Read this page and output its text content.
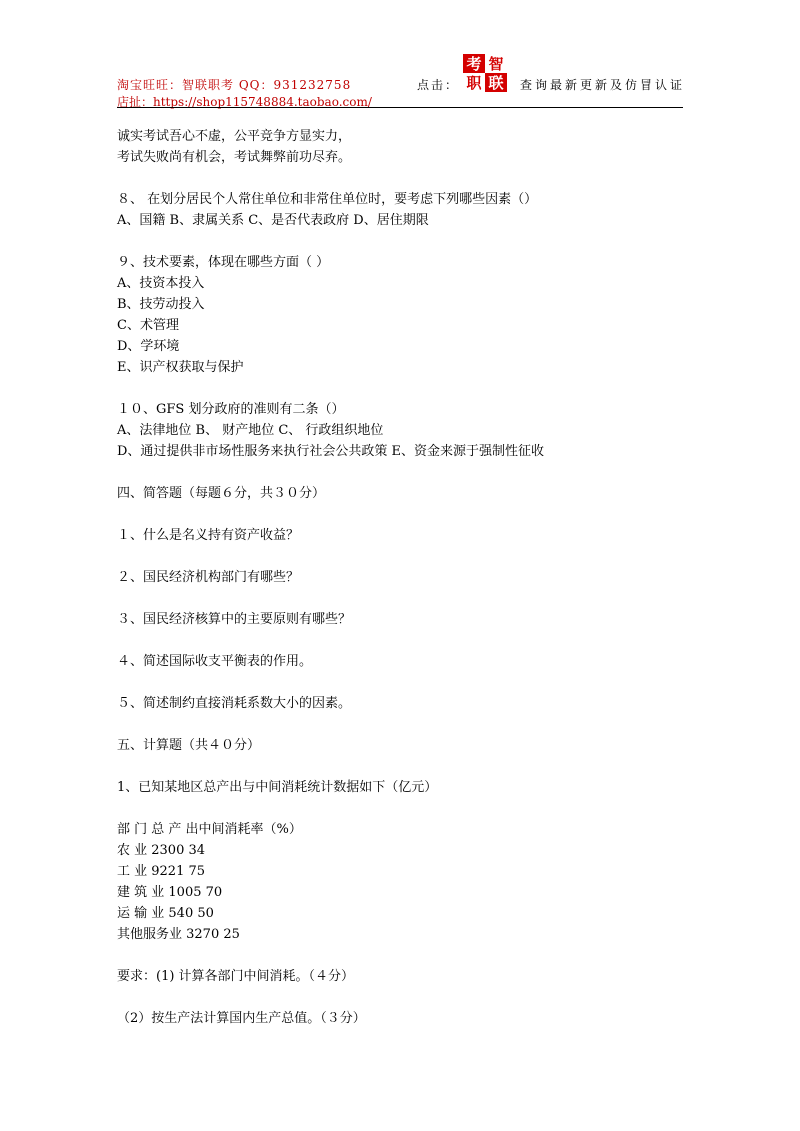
淘宝旺旺：智联职考 QQ：931232758
店扯：https://shop115748884.taobao.com/
点击：
考 智
职 联 查询最新更新及仿冒认证
诚实考试吾心不虚，公平竞争方显实力，
考试失败尚有机会，考试舞弊前功尽弃。
８、 在划分居民个人常住单位和非常住单位时，要考虑下列哪些因素（）
A、国籍 B、隶属关系 C、是否代表政府 D、居住期限
９、技术要素，体现在哪些方面（ ）
A、技资本投入
B、技劳动投入
C、术管理
D、学环境
E、识产权获取与保护
１０、GFS 划分政府的准则有二条（）
A、法律地位 B、 财产地位 C、 行政组织地位
D、通过提供非市场性服务来执行社会公共政策 E、资金来源于强制性征收
四、简答题（每题６分，共３０分）
１、什么是名义持有资产收益？
２、国民经济机构部门有哪些？
３、国民经济核算中的主要原则有哪些？
４、简述国际收支平衡表的作用。
５、简述制约直接消耗系数大小的因素。
五、计算题（共４０分）
1、已知某地区总产出与中间消耗统计数据如下（亿元）
部 门 总 产 出中间消耗率（%）
农 业 2300 34
工 业 9221 75
建 筑 业 1005 70
运 输 业 540 50
其他服务业 3270 25
要求：(1) 计算各部门中间消耗。（４分）
（2）按生产法计算国内生产总值。（３分）
